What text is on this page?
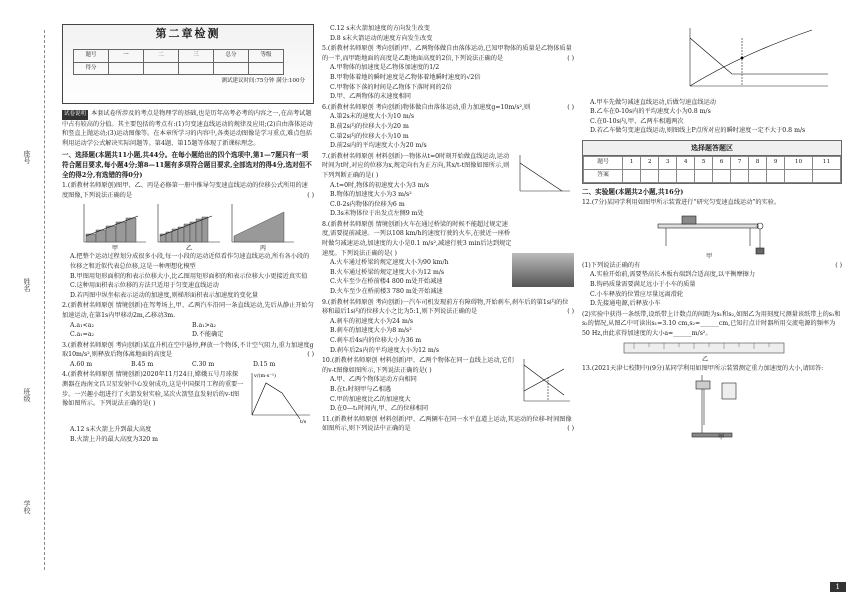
座号
姓名
班级
学校
第二章检测
题号	一	二	三	总分	等级
得分					
测试建议时间:75分钟 满分:100分

试卷说明 本套试卷所涉及的考点是物理学的基础,也是历年高考必考的内容之一,在高考试题中占有较高的分值。其主要包括的考点有:(1)匀变速直线运动的规律及应用;(2)自由落体运动和竖直上抛运动;(3)运动图像等。在本章所学习的内容中,各类运动图像是学习重点,难点包括利用运动学公式解决实际问题等。第4题、第15题等体现了新课标理念。

一、选择题(本题共11小题,共44分。在每小题给出的四个选项中,第1—7题只有一项符合题目要求,每小题4分;第8—11题有多项符合题目要求,全部选对的得4分,选对但不全的得2分,有选错的得0分)

1.(新教材名师原创)图甲、乙、丙是必修第一册中推导匀变速直线运动的位移公式所用的速度图像,下列说法正确的是	( )

甲	乙	丙

A.把整个运动过程划分成很多小段,每一小段的运动近似看作匀速直线运动,所有各小段的位移之和近似代表总位移,这是一种理想化模型

B.甲图用矩形面积的和表示位移大小,比乙图用矩形面积的和表示位移大小更接近真实值

C.这种用面积表示位移的方法只适用于匀变速直线运动

D.若丙图中纵坐标表示运动的加速度,则梯形面积表示加速度的变化量

2.(新教材名师原创 情境创新)在驾考场上,甲、乙两汽车沿同一条直线运动,先后从静止开始匀加速运动,在第1s内甲移动2m,乙移动3m.

A.a₁<a₂	B.a₁>a₂
C.a₁=a₂	D.不能确定

3.(新教材名师原创 考向创新)某直升机在空中悬停,释放一个物体,不计空气阻力,重力加速度g取10m/s²,则释放后物体离地面的高度是	( )

A.60 m	B.45 m	C.30 m	D.15 m

4.(新教材名师原创 情境创新)2020年11月24日,嫦娥五号月球探测器在海南文昌卫星发射中心发射成功,这是中国探月工程的重要一步。一兴趣小组进行了火箭发射实验,某次火箭竖直发射后的v-t图像如图所示。下列说法正确的是( )

v/(m·s⁻¹)
t/s

A.12 s末火箭上升到最大高度

B.火箭上升的最大高度为320 m

C.12 s末火箭加速度的方向发生改变

D.8 s末火箭运动的速度方向发生改变

5.(新教材名师原创 考向创新)甲、乙两物体做自由落体运动,已知甲物体的质量是乙物体质量的一半,而甲距地面的高度是乙距地面高度的2倍,下列说法正确的是	( )

A.甲物体的加速度是乙物体加速度的1/2

B.甲物体着地的瞬时速度是乙物体着地瞬时速度的√2倍

C.甲物体下落的时间是乙物体下落时间的2倍

D.甲、乙两物体的末速度相同

6.(新教材名师原创 考向创新)物体做自由落体运动,重力加速度g=10m/s²,则	( )

A.第2s末的速度大小为10 m/s

B.前2s内的位移大小为20 m

C.第2s内的位移大小为10 m

D.前2s内的平均速度大小为20 m/s

7.(新教材名师原创 材料创新)一物体从t=0时刻开始做直线运动,运动时间为t时,对应的位移为x,规定向右为正方向,其x/t-t图像如图所示,则下列判断正确的是( )

A.t=0时,物体的初速度大小为3 m/s

B.物体的加速度大小为3 m/s²

C.0-2s内物体的位移为6 m

D.3s末物体位于出发点左侧9 m处

8.(新教材名师原创 情境创新)火车在通过桥梁的时候不能超过规定速度,需要提前减速。一列以108 km/h的速度行驶的火车,在驶近一座桥时做匀减速运动,加速度的大小是0.1 m/s²,减速行驶3 min后达到规定速度。下列说法正确的是( )

A.火车通过桥梁的规定速度大小为90 km/h

B.火车通过桥梁的规定速度大小为12 m/s

C.火车至少在桥前楼4 800 m处开始减速

D.火车至少在桥前楼3 780 m处开始减速

9.(新教材名师原创 考向创新)一汽车司机发现前方有障碍物,开始刹车,刹车后的第1s内的位移和最后1s内的位移大小之比为5:1,则下列说法正确的是	( )

A.刹车的初速度大小为24 m/s

B.刹车的加速度大小为8 m/s²

C.刹车后4s内的位移大小为36 m

D.刹车后2s内的平均速度大小为12 m/s

10.(新教材名师原创 材料创新)甲、乙两个物体在同一直线上运动,它们的v-t图像如图所示,下列说法正确的是( )

A.甲、乙两个物体运动方向相同

B.在t₁时刻甲与乙相遇

C.甲的加速度比乙的加速度大

D.在0—t₁时间内,甲、乙的位移相同

11.(新教材名师原创 材料创新)甲、乙两辆车在同一水平直道上运动,其运动的位移-时间图像如图所示,则下列说法中正确的是	( )

A.甲车先做匀减速直线运动,后做匀速直线运动

B.乙车在0-10s内的平均速度大小为0.8 m/s

C.在0-10s内,甲、乙两车相遇两次

D.若乙车做匀变速直线运动,则图线上P点所对应的瞬时速度一定不大于0.8 m/s

选择题答题区
题号	1	2	3	4	5	6	7	8	9	10	11
答案											

二、实验题(本题共2小题,共16分)

12.(7分)某同学利用如图甲所示装置进行“研究匀变速直线运动”的实验。

甲

(1)下列说法正确的有	( )

A.实验开始前,需要垫高长木板右端到合适高度,以平衡摩擦力

B.钩码质量需要满足远小于小车的质量

C.小车释放的位置应尽量远离滑轮

D.先接通电源,后释放小车

(2)实验中获得一条纸带,设纸带上计数点的间距为s₁和s₂,如图乙为用刻度尺测量该纸带上的s₁和s₂的情况,从图乙中可读出s₁=3.10 cm,s₂=______cm,已知打点计时器所用交流电源的频率为50 Hz,由此求得加速度的大小a=______m/s²。

乙

13.(2021天津七校期中)(9分)某同学利用如图甲所示装置测定重力加速度的大小,请回答:

甲
1
